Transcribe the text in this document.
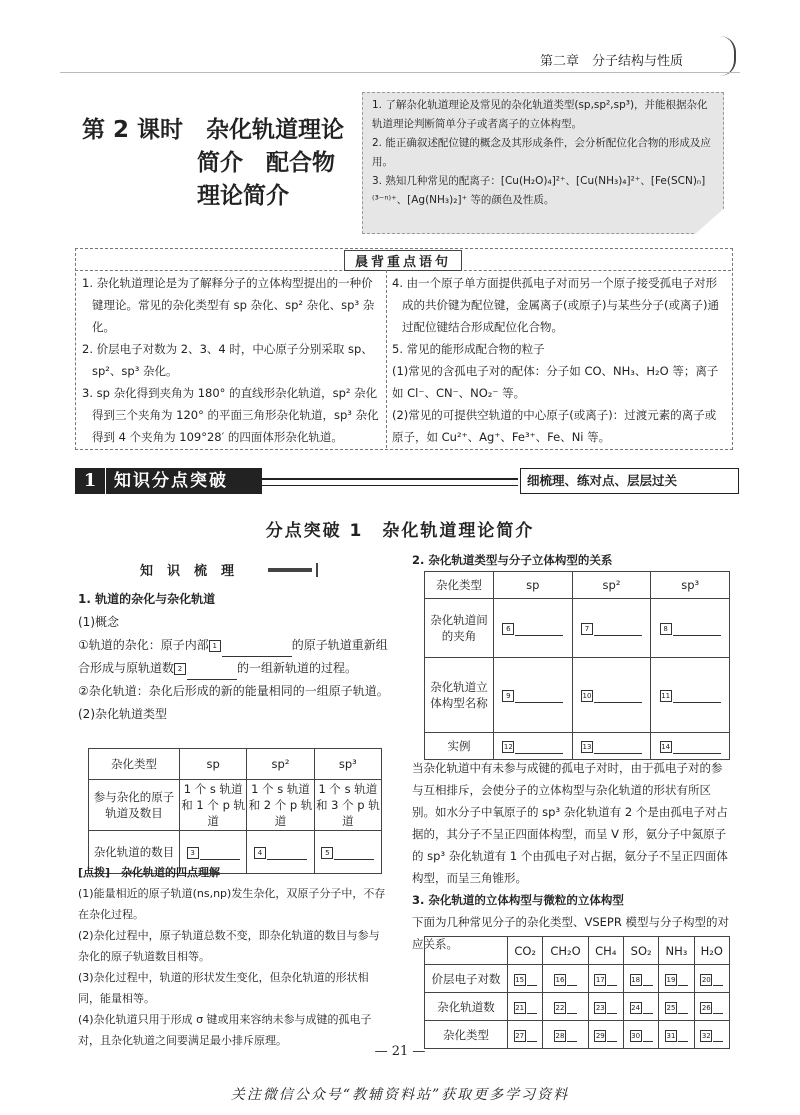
第二章　分子结构与性质
第 2 课时　杂化轨道理论
简介　配合物
理论简介

1. 了解杂化轨道理论及常见的杂化轨道类型(sp,sp²,sp³)，并能根据杂化轨道理论判断简单分子或者离子的立体构型。

2. 能正确叙述配位键的概念及其形成条件，会分析配位化合物的形成及应用。

3. 熟知几种常见的配离子：[Cu(H₂O)₄]²⁺、[Cu(NH₃)₄]²⁺、[Fe(SCN)ₙ]⁽³⁻ⁿ⁾⁺、[Ag(NH₃)₂]⁺ 等的颜色及性质。

晨背重点语句

1. 杂化轨道理论是为了解释分子的立体构型提出的一种价键理论。常见的杂化类型有 sp 杂化、sp² 杂化、sp³ 杂化。

2. 价层电子对数为 2、3、4 时，中心原子分别采取 sp、sp²、sp³ 杂化。

3. sp 杂化得到夹角为 180° 的直线形杂化轨道，sp² 杂化得到三个夹角为 120° 的平面三角形杂化轨道，sp³ 杂化得到 4 个夹角为 109°28′ 的四面体形杂化轨道。

4. 由一个原子单方面提供孤电子对而另一个原子接受孤电子对形成的共价键为配位键，金属离子(或原子)与某些分子(或离子)通过配位键结合形成配位化合物。

5. 常见的能形成配合物的粒子

(1)常见的含孤电子对的配体：分子如 CO、NH₃、H₂O 等；离子如 Cl⁻、CN⁻、NO₂⁻ 等。

(2)常见的可提供空轨道的中心原子(或离子)：过渡元素的离子或原子，如 Cu²⁺、Ag⁺、Fe³⁺、Fe、Ni 等。

1	知识分点突破	细梳理、练对点、层层过关
分点突破 1　杂化轨道理论简介
知识梳理

1. 轨道的杂化与杂化轨道

(1)概念

①轨道的杂化：原子内部 1	的原子轨道重新组合形成与原轨道数 2	的一组新轨道的过程。

②杂化轨道：杂化后形成的新的能量相同的一组原子轨道。

(2)杂化轨道类型

杂化类型	sp	sp²	sp³
参与杂化的原子轨道及数目	1 个 s 轨道和 1 个 p 轨道	1 个 s 轨道和 2 个 p 轨道	1 个 s 轨道和 3 个 p 轨道
杂化轨道的数目	3	4	5

[点拨]　 杂化轨道的四点理解

(1)能量相近的原子轨道(ns,np)发生杂化，双原子分子中，不存在杂化过程。

(2)杂化过程中，原子轨道总数不变，即杂化轨道的数目与参与杂化的原子轨道数目相等。

(3)杂化过程中，轨道的形状发生变化，但杂化轨道的形状相同，能量相等。

(4)杂化轨道只用于形成 σ 键或用来容纳未参与成键的孤电子对，且杂化轨道之间要满足最小排斥原理。

2. 杂化轨道类型与分子立体构型的关系
杂化类型	sp	sp²	sp³
杂化轨道间的夹角	6	7	8
杂化轨道立体构型名称	9	10	11
实例	12	13	14

当杂化轨道中有未参与成键的孤电子对时，由于孤电子对的参与互相排斥，会使分子的立体构型与杂化轨道的形状有所区别。如水分子中氧原子的 sp³ 杂化轨道有 2 个是由孤电子对占据的，其分子不呈正四面体构型，而呈 V 形，氨分子中氮原子的 sp³ 杂化轨道有 1 个由孤电子对占据，氨分子不呈正四面体构型，而呈三角锥形。

3. 杂化轨道的立体构型与微粒的立体构型

下面为几种常见分子的杂化类型、VSEPR 模型与分子构型的对应关系。

		CO₂	CH₂O	CH₄	SO₂	NH₃	H₂O
价层电子对数	15	16	17	18	19	20
杂化轨道数	21	22	23	24	25	26
杂化类型	27	28	29	30	31	32
— 21 —
关注微信公众号“教辅资料站”获取更多学习资料
